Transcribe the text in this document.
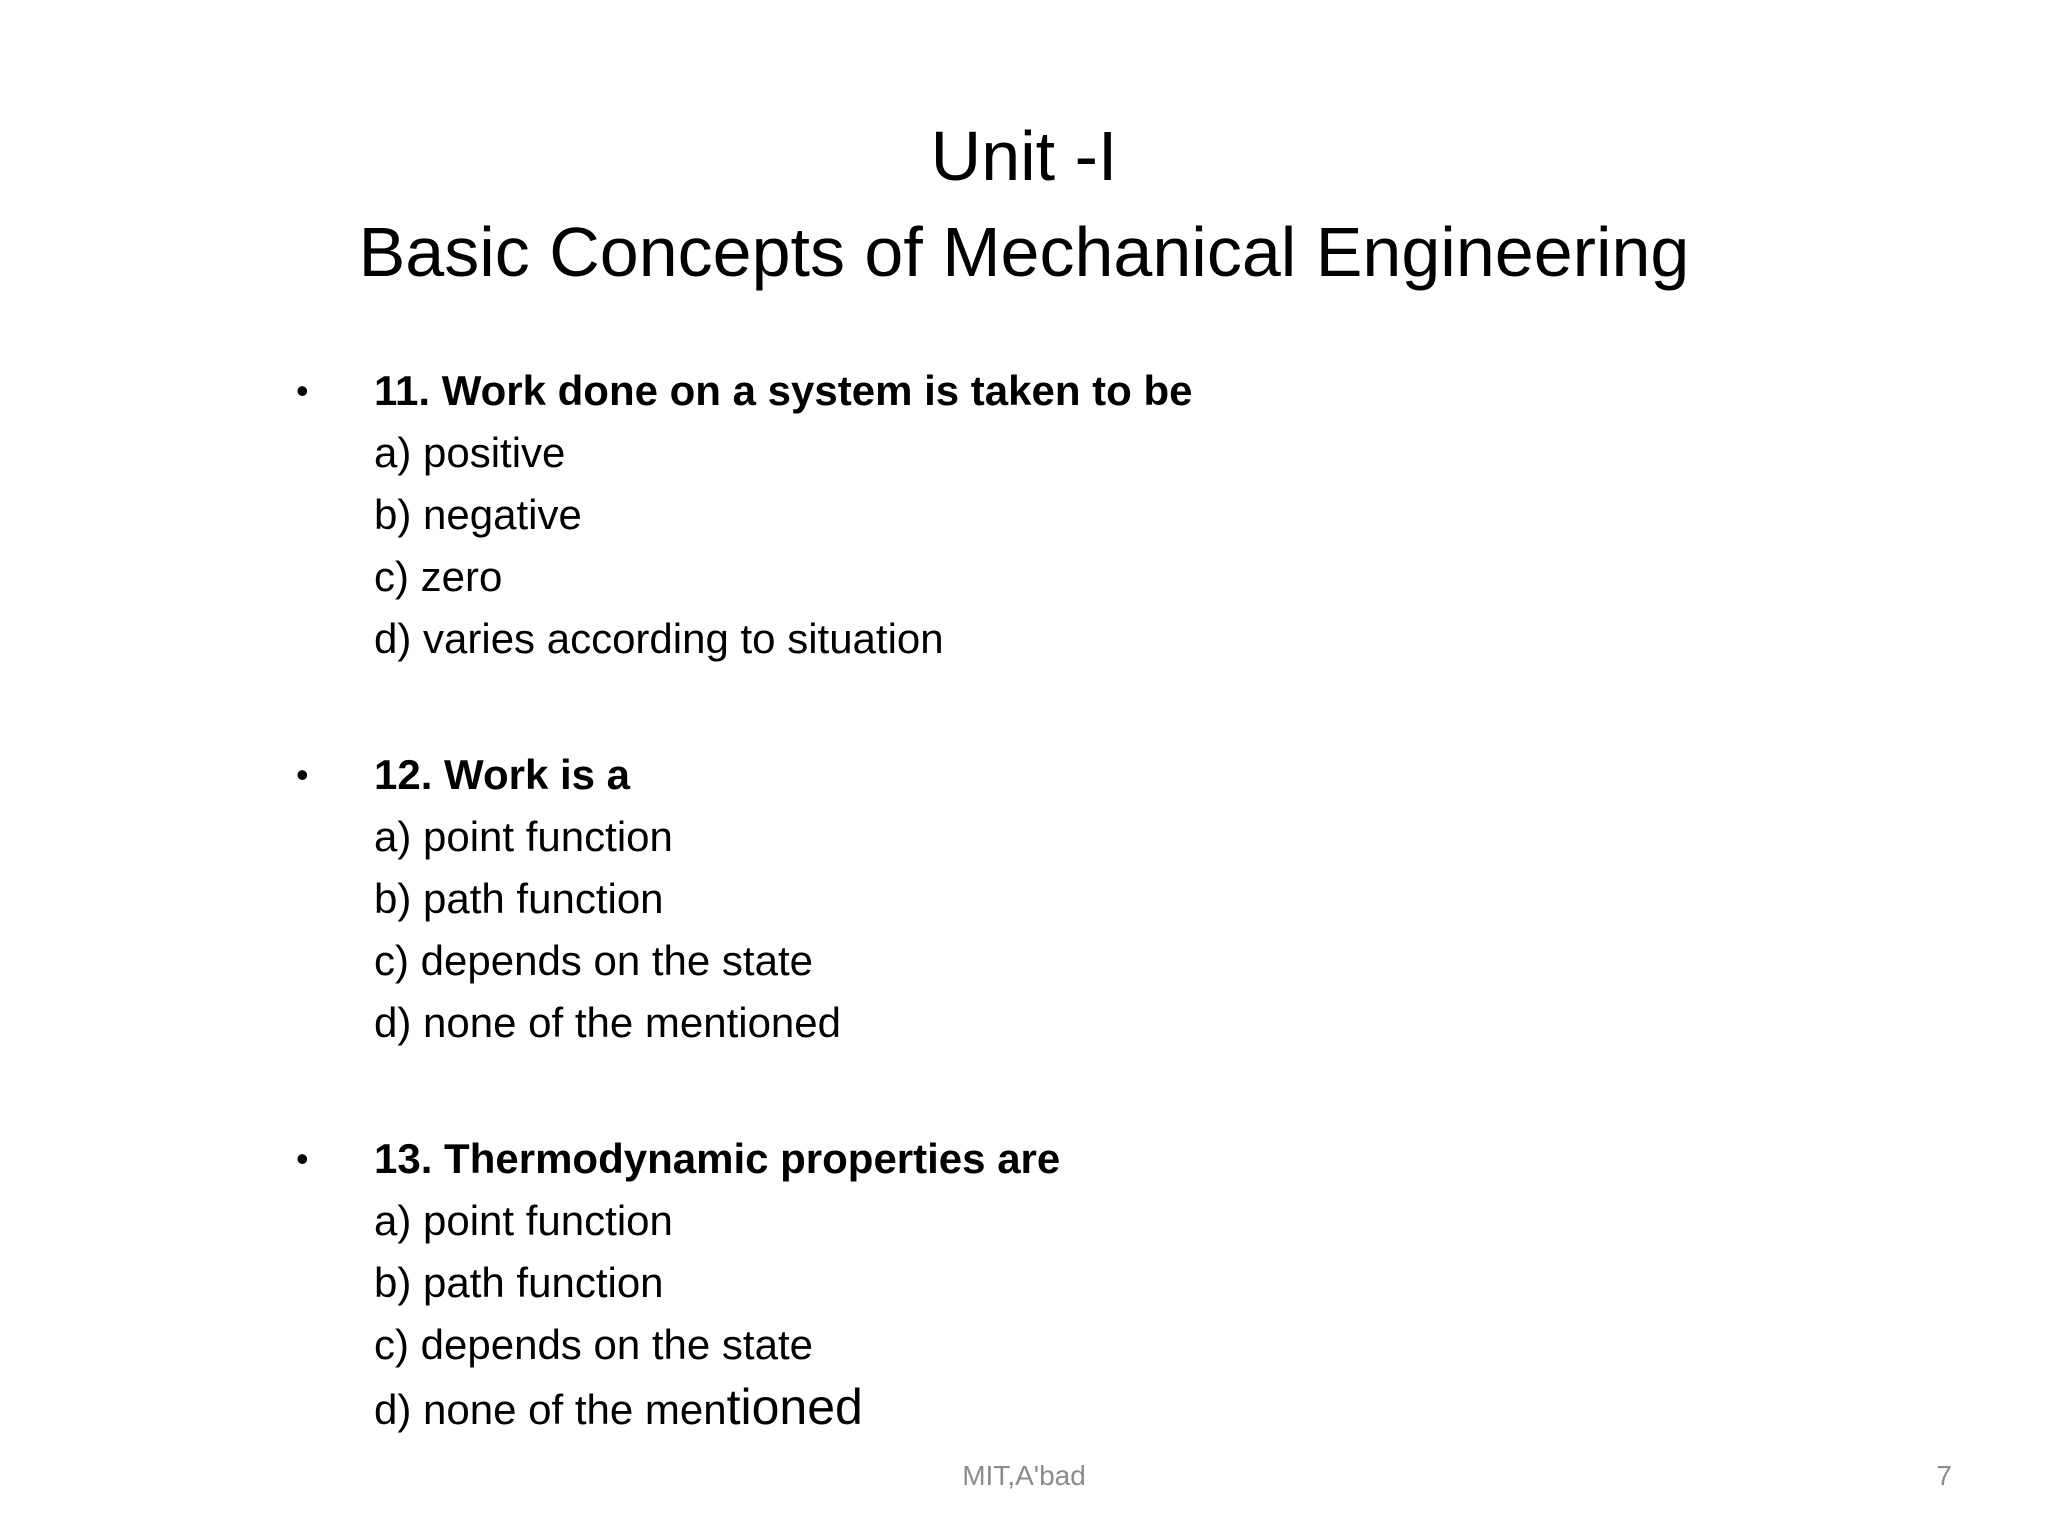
Unit -I
Basic Concepts of Mechanical Engineering
• 11. Work done on a system is taken to be
a) positive
b) negative
c) zero
d) varies according to situation
• 12. Work is a
a) point function
b) path function
c) depends on the state
d) none of the mentioned
• 13. Thermodynamic properties are
a) point function
b) path function
c) depends on the state
d) none of the mentioned
MIT,A'bad	7
